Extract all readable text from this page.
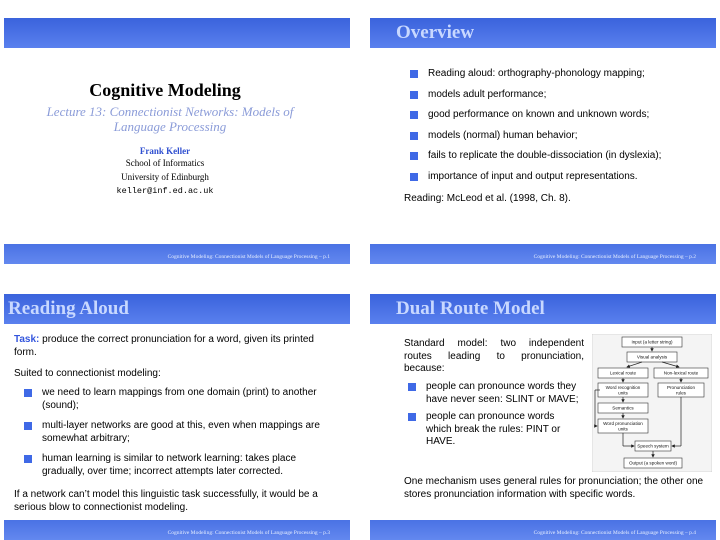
Cognitive Modeling
Lecture 13: Connectionist Networks: Models of Language Processing
Frank Keller
School of Informatics
University of Edinburgh
keller@inf.ed.ac.uk
Cognitive Modeling: Connectionist Models of Language Processing – p.1
Overview
Reading aloud: orthography-phonology mapping;
models adult performance;
good performance on known and unknown words;
models (normal) human behavior;
fails to replicate the double-dissociation (in dyslexia);
importance of input and output representations.
Reading: McLeod et al. (1998, Ch. 8).
Cognitive Modeling: Connectionist Models of Language Processing – p.2
Reading Aloud
Task: produce the correct pronunciation for a word, given its printed form.
Suited to connectionist modeling:
we need to learn mappings from one domain (print) to another (sound);
multi-layer networks are good at this, even when mappings are somewhat arbitrary;
human learning is similar to network learning: takes place gradually, over time; incorrect attempts later corrected.
If a network can’t model this linguistic task successfully, it would be a serious blow to connectionist modeling.
Cognitive Modeling: Connectionist Models of Language Processing – p.3
Dual Route Model
Standard model: two independent routes leading to pronunciation, because:
people can pronounce words they have never seen: SLINT or MAVE;
people can pronounce words which break the rules: PINT or HAVE.
One mechanism uses general rules for pronunciation; the other one stores pronunciation information with specific words.
Input (a letter string)
Visual analysis
Lexical route	Non-lexical route
Word recognition
units
Pronunciation
rules
Semantics
Word pronunciation
units
Speech system
Output (a spoken word)
Cognitive Modeling: Connectionist Models of Language Processing – p.4
